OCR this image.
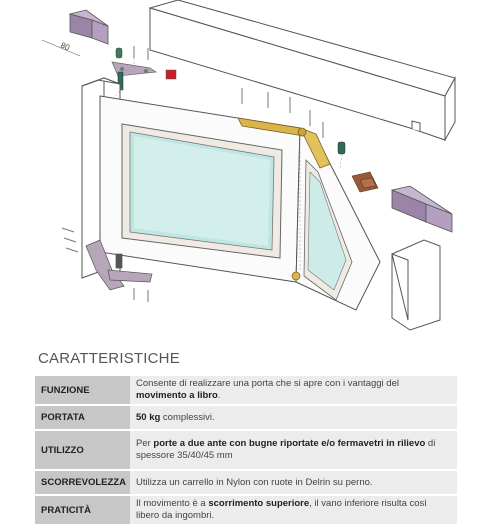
80
CARATTERISTICHE
FUNZIONE	Consente di realizzare una porta che si apre con i vantaggi del movimento a libro.
PORTATA	50 kg complessivi.
UTILIZZO	Per porte a due ante con bugne riportate e/o fermavetri in rilievo di spessore 35/40/45 mm
SCORREVOLEZZA	Utilizza un carrello in Nylon con ruote in Delrin su perno.
PRATICITÀ	Il movimento è a scorrimento superiore, il vano inferiore risulta così libero da ingombri.
